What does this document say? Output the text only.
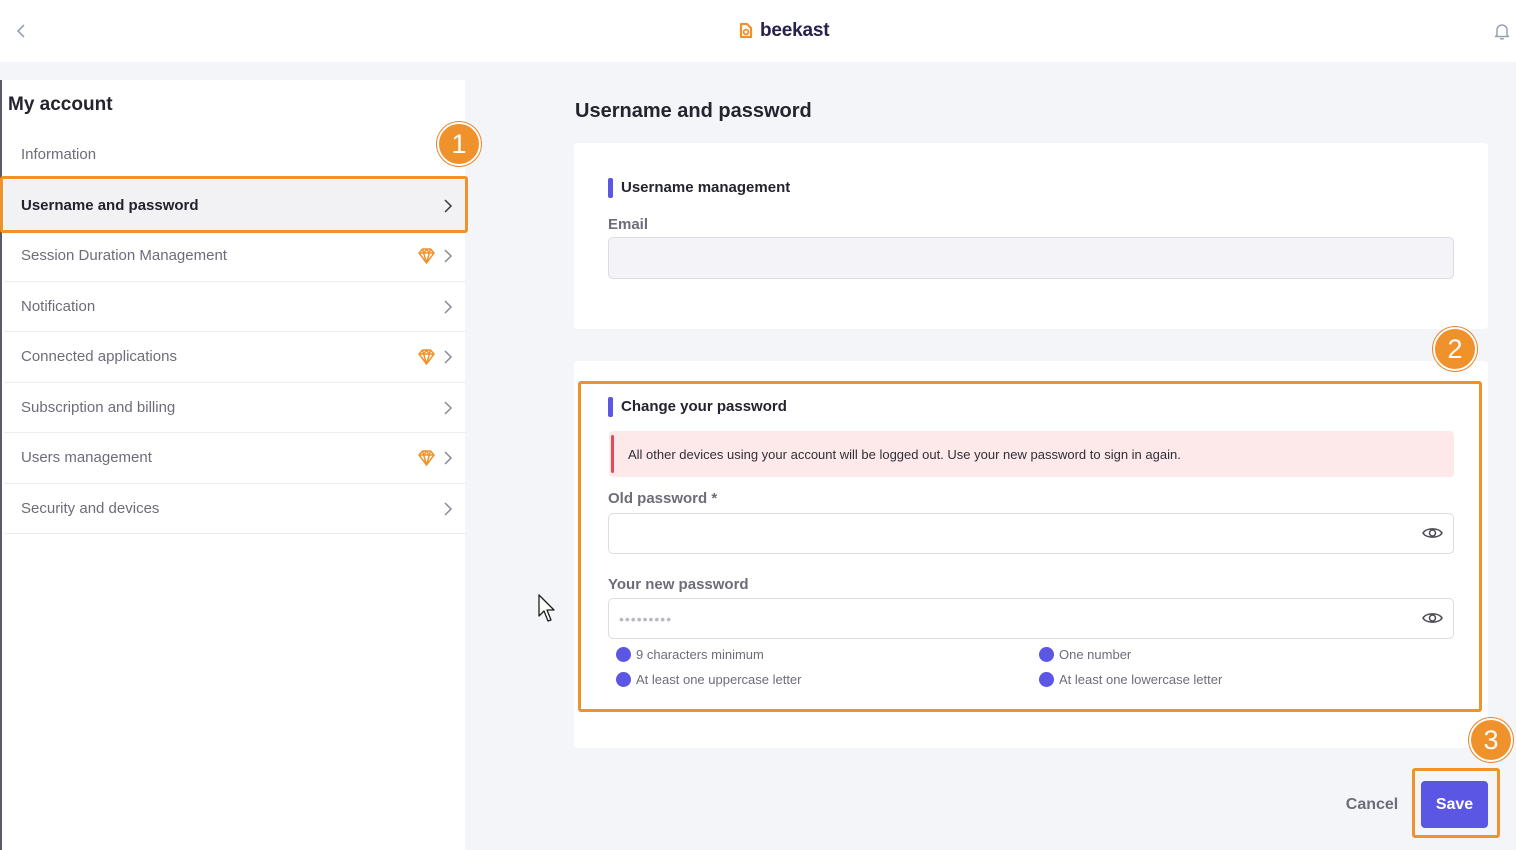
beekast
My account
Information
Username and password
Session Duration Management
Notification
Connected applications
Subscription and billing
Users management
Security and devices
Username and password
Username management
Email
Change your password
All other devices using your account will be logged out. Use your new password to sign in again.
Old password *
Your new password
9 characters minimum	One number
At least one uppercase letter	At least one lowercase letter
Cancel	Save
1
2
3
